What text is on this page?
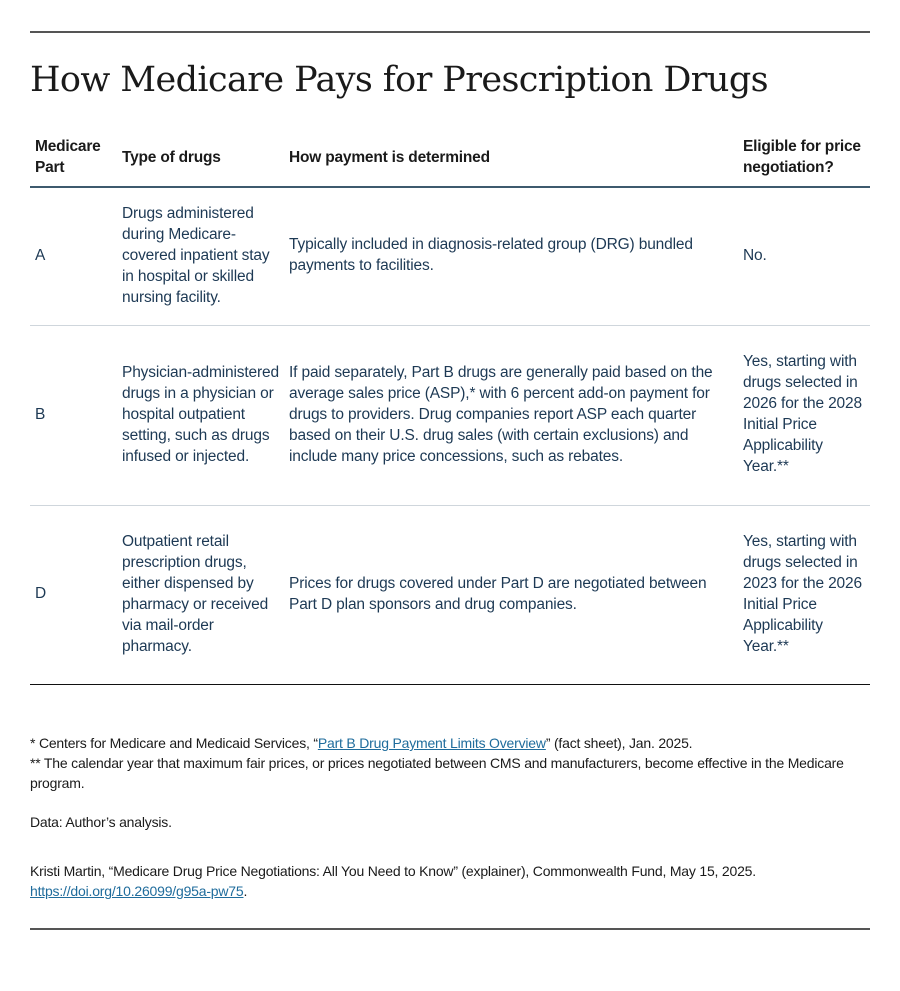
How Medicare Pays for Prescription Drugs
Medicare Part	Type of drugs	How payment is determined	Eligible for price negotiation?
A	Drugs administered during Medicare-covered inpatient stay in hospital or skilled nursing facility.	Typically included in diagnosis-related group (DRG) bundled payments to facilities.	No.
B	Physician-administered drugs in a physician or hospital outpatient setting, such as drugs infused or injected.	If paid separately, Part B drugs are generally paid based on the average sales price (ASP),* with 6 percent add-on payment for drugs to providers. Drug companies report ASP each quarter based on their U.S. drug sales (with certain exclusions) and include many price concessions, such as rebates.	Yes, starting with drugs selected in 2026 for the 2028 Initial Price Applicability Year.**
D	Outpatient retail prescription drugs, either dispensed by pharmacy or received via mail-order pharmacy.	Prices for drugs covered under Part D are negotiated between Part D plan sponsors and drug companies.	Yes, starting with drugs selected in 2023 for the 2026 Initial Price Applicability Year.**

* Centers for Medicare and Medicaid Services, “Part B Drug Payment Limits Overview” (fact sheet), Jan. 2025.

** The calendar year that maximum fair prices, or prices negotiated between CMS and manufacturers, become effective in the Medicare program.

Data: Author’s analysis.

Kristi Martin, “Medicare Drug Price Negotiations: All You Need to Know” (explainer), Commonwealth Fund, May 15, 2025.
https://doi.org/10.26099/g95a-pw75.
